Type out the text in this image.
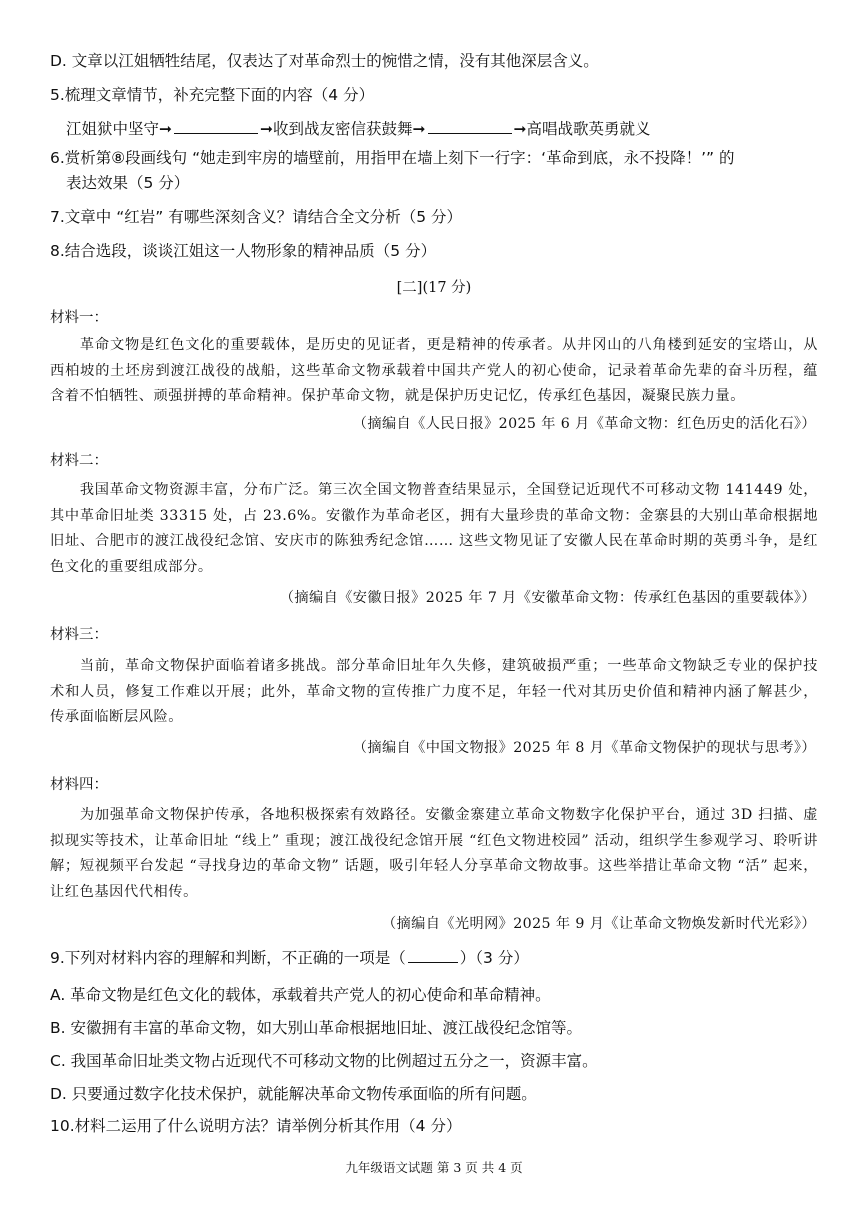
D. 文章以江姐牺牲结尾，仅表达了对革命烈士的惋惜之情，没有其他深层含义。
5.梳理文章情节，补充完整下面的内容（4 分）
江姐狱中坚守➞	➞收到战友密信获鼓舞➞	➞高唱战歌英勇就义
6.赏析第⑧段画线句 “她走到牢房的墙壁前，用指甲在墙上刻下一行字：‘革命到底，永不投降！’” 的
表达效果（5 分）
7.文章中 “红岩” 有哪些深刻含义？请结合全文分析（5 分）
8.结合选段，谈谈江姐这一人物形象的精神品质（5 分）
[二](17 分)
材料一：
革命文物是红色文化的重要载体，是历史的见证者，更是精神的传承者。从井冈山的八角楼到延安的宝塔山，从西柏坡的土坯房到渡江战役的战船，这些革命文物承载着中国共产党人的初心使命，记录着革命先辈的奋斗历程，蕴含着不怕牺牲、顽强拼搏的革命精神。保护革命文物，就是保护历史记忆，传承红色基因，凝聚民族力量。
（摘编自《人民日报》2025 年 6 月《革命文物：红色历史的活化石》）
材料二：
我国革命文物资源丰富，分布广泛。第三次全国文物普查结果显示，全国登记近现代不可移动文物 141449 处，其中革命旧址类 33315 处，占 23.6%。安徽作为革命老区，拥有大量珍贵的革命文物：金寨县的大别山革命根据地旧址、合肥市的渡江战役纪念馆、安庆市的陈独秀纪念馆…… 这些文物见证了安徽人民在革命时期的英勇斗争，是红色文化的重要组成部分。
（摘编自《安徽日报》2025 年 7 月《安徽革命文物：传承红色基因的重要载体》）
材料三：
当前，革命文物保护面临着诸多挑战。部分革命旧址年久失修，建筑破损严重；一些革命文物缺乏专业的保护技术和人员，修复工作难以开展；此外，革命文物的宣传推广力度不足，年轻一代对其历史价值和精神内涵了解甚少，传承面临断层风险。
（摘编自《中国文物报》2025 年 8 月《革命文物保护的现状与思考》）
材料四：
为加强革命文物保护传承，各地积极探索有效路径。安徽金寨建立革命文物数字化保护平台，通过 3D 扫描、虚拟现实等技术，让革命旧址 “线上” 重现；渡江战役纪念馆开展 “红色文物进校园” 活动，组织学生参观学习、聆听讲解；短视频平台发起 “寻找身边的革命文物” 话题，吸引年轻人分享革命文物故事。这些举措让革命文物 “活” 起来，让红色基因代代相传。
（摘编自《光明网》2025 年 9 月《让革命文物焕发新时代光彩》）
9.下列对材料内容的理解和判断，不正确的一项是（	）（3 分）
A. 革命文物是红色文化的载体，承载着共产党人的初心使命和革命精神。
B. 安徽拥有丰富的革命文物，如大别山革命根据地旧址、渡江战役纪念馆等。
C. 我国革命旧址类文物占近现代不可移动文物的比例超过五分之一，资源丰富。
D. 只要通过数字化技术保护，就能解决革命文物传承面临的所有问题。
10.材料二运用了什么说明方法？请举例分析其作用（4 分）
九年级语文试题 第 3 页 共 4 页
